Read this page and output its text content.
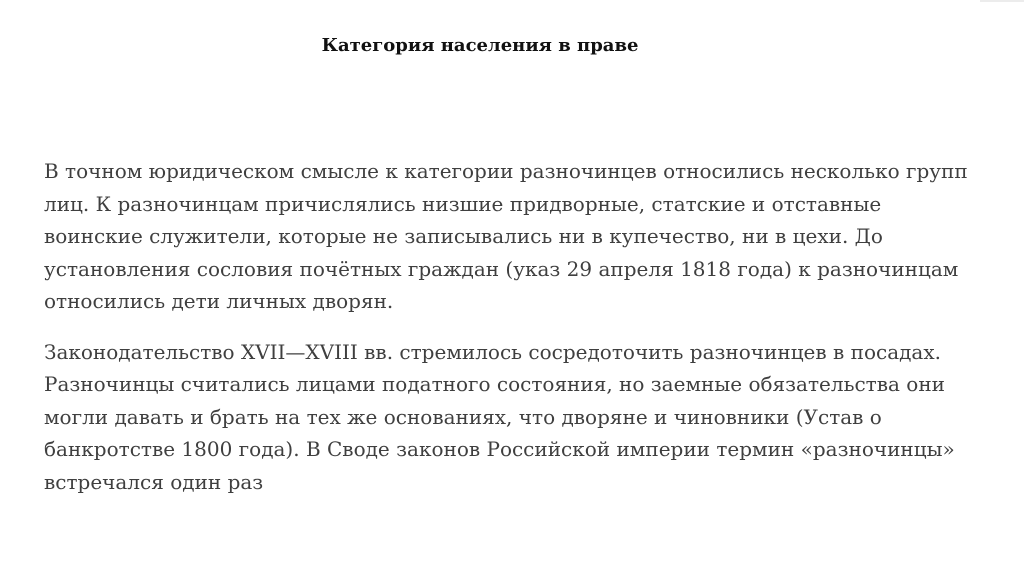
Категория населения в праве

В точном юридическом смысле к категории разночинцев относились несколько групп лиц. К разночинцам причислялись низшие придворные, статские и отставные воинские служители, которые не записывались ни в купечество, ни в цехи. До установления сословия почётных граждан (указ 29 апреля 1818 года) к разночинцам относились дети личных дворян.

Законодательство XVII—XVIII вв. стремилось сосредоточить разночинцев в посадах. Разночинцы считались лицами податного состояния, но заемные обязательства они могли давать и брать на тех же основаниях, что дворяне и чиновники (Устав о банкротстве 1800 года). В Своде законов Российской империи термин «разночинцы» встречался один раз
